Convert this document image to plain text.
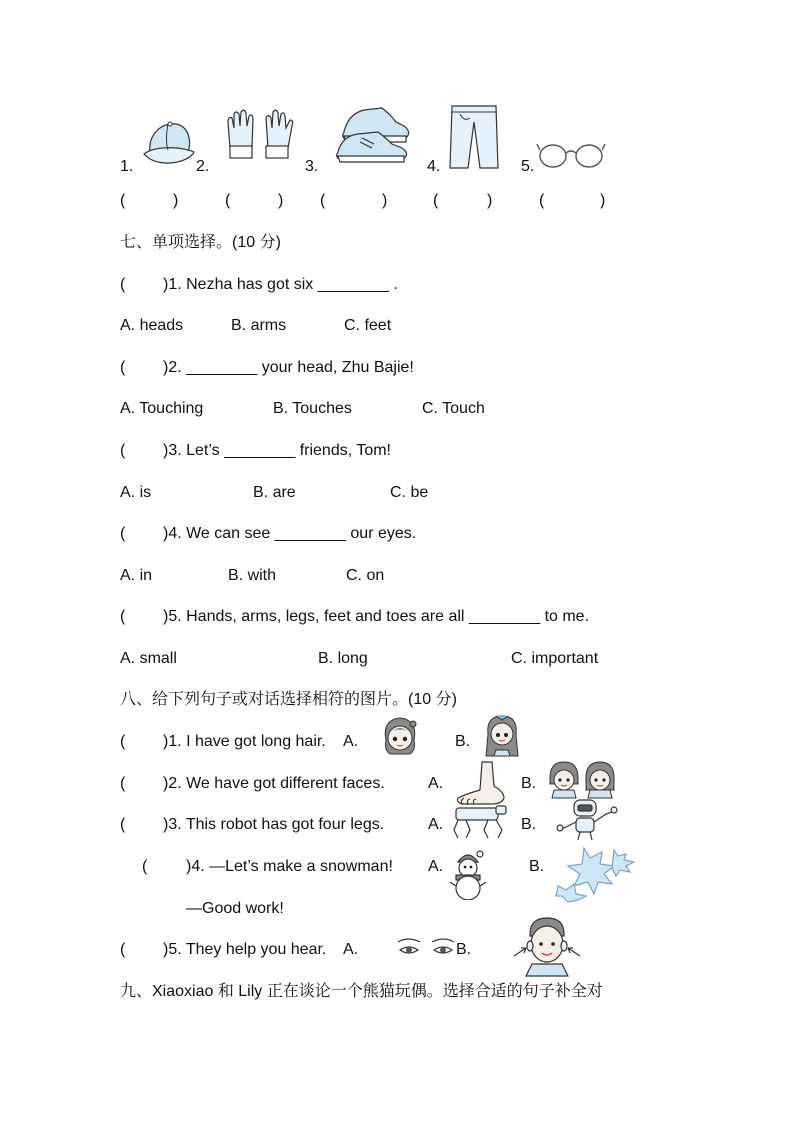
1.	2.	3.	4.	5.
(	)	(	) (	)	(	)	(	)
七、单项选择。(10 分)
( )1. Nezha has got six ________ .
A. heads	B. arms	C. feet
( )2. ________ your head, Zhu Bajie!
A. Touching	B. Touches	C. Touch
( )3. Let’s ________ friends, Tom!
A. is	B. are	C. be
( )4. We can see ________ our eyes.
A. in	B. with	C. on
( )5. Hands, arms, legs, feet and toes are all ________ to me.
A. small	B. long	C. important
八、给下列句子或对话选择相符的图片。(10 分)
( )1. I have got long hair. A.	B.
( )2. We have got different faces.	A.	B.
( )3. This robot has got four legs.	A.	B.
( )4. —Let’s make a snowman! A.	B.
—Good work!
( )5. They help you hear. A.	B.
九、Xiaoxiao 和 Lily 正在谈论一个熊猫玩偶。选择合适的句子补全对
